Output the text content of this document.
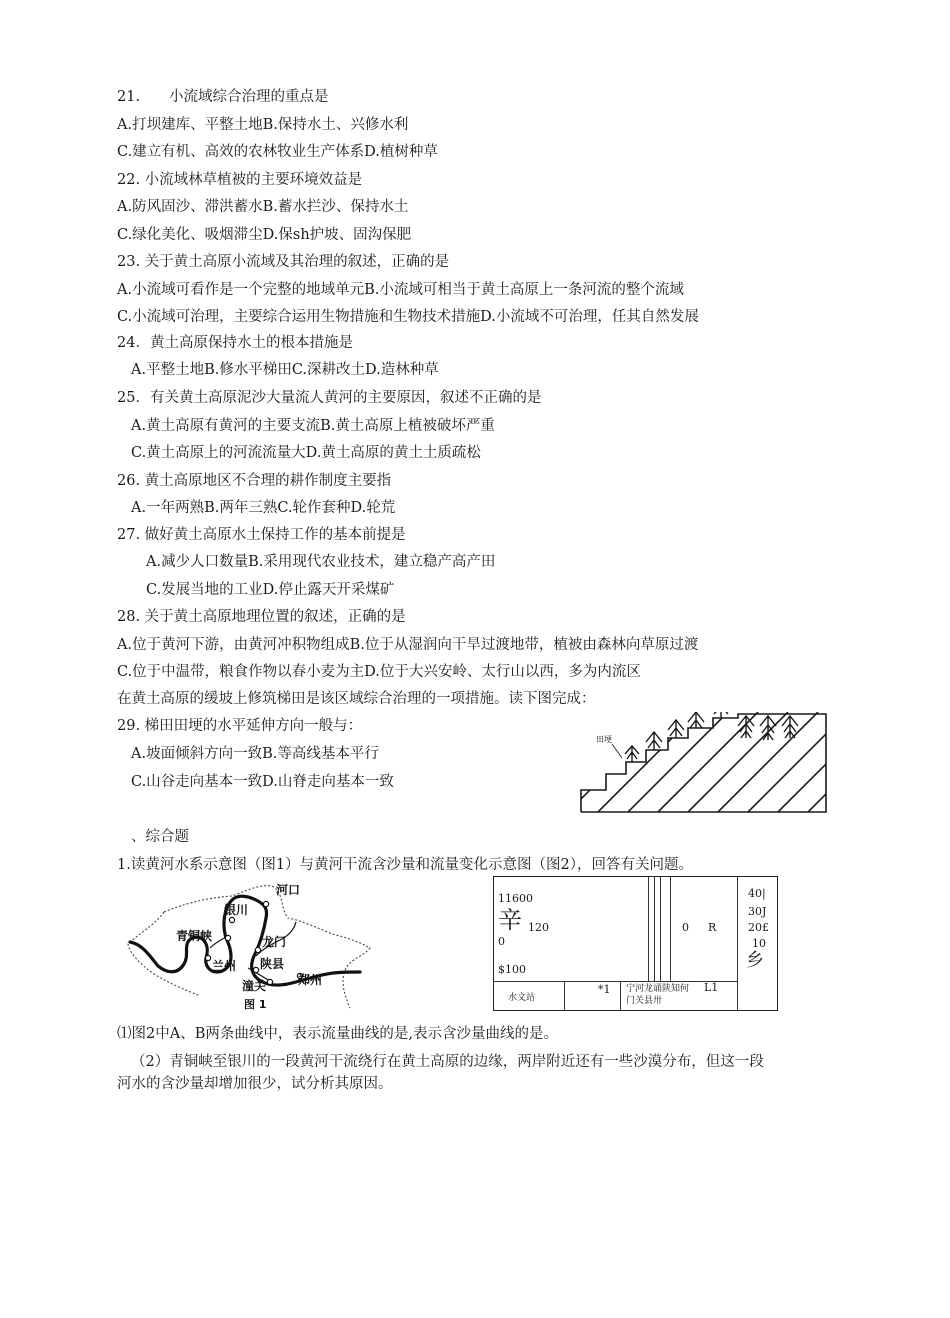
21.　　小流域综合治理的重点是
A.打坝建库、平整土地B.保持水土、兴修水利
C.建立有机、高效的农林牧业生产体系D.植树种草
22. 小流域林草植被的主要环境效益是
A.防风固沙、滞洪蓄水B.蓄水拦沙、保持水土
C.绿化美化、吸烟滞尘D.保sh护坡、固沟保肥
23. 关于黄土高原小流域及其治理的叙述，正确的是
A.小流域可看作是一个完整的地域单元B.小流域可相当于黄土高原上一条河流的整个流域
C.小流域可治理，主要综合运用生物措施和生物技术措施D.小流域不可治理，任其自然发展
24．黄土高原保持水土的根本措施是
A.平整土地B.修水平梯田C.深耕改土D.造林种草
25．有关黄土高原泥沙大量流人黄河的主要原因，叙述不正确的是
A.黄土高原有黄河的主要支流B.黄土高原上植被破坏严重
C.黄土高原上的河流流量大D.黄土高原的黄土土质疏松
26. 黄土高原地区不合理的耕作制度主要指
A.一年两熟B.两年三熟C.轮作套种D.轮荒
27. 做好黄土高原水土保持工作的基本前提是
A.减少人口数量B.采用现代农业技术，建立稳产高产田
C.发展当地的工业D.停止露天开采煤矿
28. 关于黄土高原地理位置的叙述，正确的是
A.位于黄河下游，由黄河冲积物组成B.位于从湿润向干旱过渡地带，植被由森林向草原过渡
C.位于中温带，粮食作物以春小麦为主D.位于大兴安岭、太行山以西，多为内流区
在黄土高原的缓坡上修筑梯田是该区域综合治理的一项措施。读下图完成：
29. 梯田田埂的水平延伸方向一般与：
A.坡面倾斜方向一致B.等高线基本平行
C.山谷走向基本一致D.山脊走向基本一致
田埂
、综合题
1.读黄河水系示意图（图1）与黄河干流含沙量和流量变化示意图（图2），回答有关问题。
河口
银川
青铜峡	龙门
兰州 陕县
潼关	郑州
图 1
11600
辛 120
0
$100
0 R
40|
30J
20£
10
乡
水文站
*1 宁河龙诵陕知何 L1
门关县卅
⑴图2中A、B两条曲线中，表示流量曲线的是,表示含沙量曲线的是。
（2）青铜峡至银川的一段黄河干流绕行在黄土高原的边缘，两岸附近还有一些沙漠分布，但这一段
河水的含沙量却增加很少，试分析其原因。
